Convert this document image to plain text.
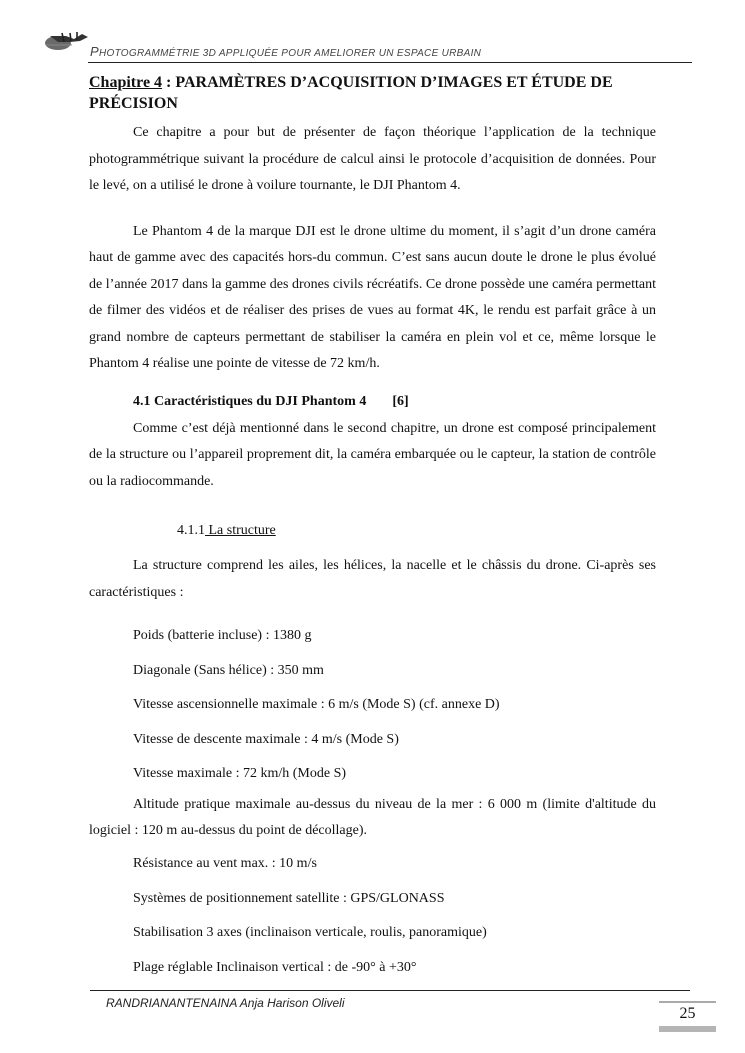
PHOTOGRAMMÉTRIE 3D APPLIQUÉE POUR AMELIORER UN ESPACE URBAIN
Chapitre 4 : PARAMÈTRES D’ACQUISITION D’IMAGES ET ÉTUDE DE PRÉCISION

Ce chapitre a pour but de présenter de façon théorique l’application de la technique photogrammétrique suivant la procédure de calcul ainsi le protocole d’acquisition de données. Pour le levé, on a utilisé le drone à voilure tournante, le DJI Phantom 4.

Le Phantom 4 de la marque DJI est le drone ultime du moment, il s’agit d’un drone caméra haut de gamme avec des capacités hors-du commun. C’est sans aucun doute le drone le plus évolué de l’année 2017 dans la gamme des drones civils récréatifs. Ce drone possède une caméra permettant de filmer des vidéos et de réaliser des prises de vues au format 4K, le rendu est parfait grâce à un grand nombre de capteurs permettant de stabiliser la caméra en plein vol et ce, même lorsque le Phantom 4 réalise une pointe de vitesse de 72 km/h.

4.1 Caractéristiques du DJI Phantom 4 [6]

Comme c’est déjà mentionné dans le second chapitre, un drone est composé principalement de la structure ou l’appareil proprement dit, la caméra embarquée ou le capteur, la station de contrôle ou la radiocommande.

4.1.1 La structure

La structure comprend les ailes, les hélices, la nacelle et le châssis du drone. Ci-après ses caractéristiques :

Poids (batterie incluse) : 1380 g
Diagonale (Sans hélice) : 350 mm
Vitesse ascensionnelle maximale : 6 m/s (Mode S) (cf. annexe D)
Vitesse de descente maximale : 4 m/s (Mode S)
Vitesse maximale : 72 km/h (Mode S)
Altitude pratique maximale au-dessus du niveau de la mer : 6 000 m (limite d'altitude du logiciel : 120 m au-dessus du point de décollage).
Résistance au vent max. : 10 m/s
Systèmes de positionnement satellite : GPS/GLONASS
Stabilisation 3 axes (inclinaison verticale, roulis, panoramique)
Plage réglable Inclinaison vertical : de -90° à +30°
RANDRIANANTENAINA Anja Harison Oliveli
25
